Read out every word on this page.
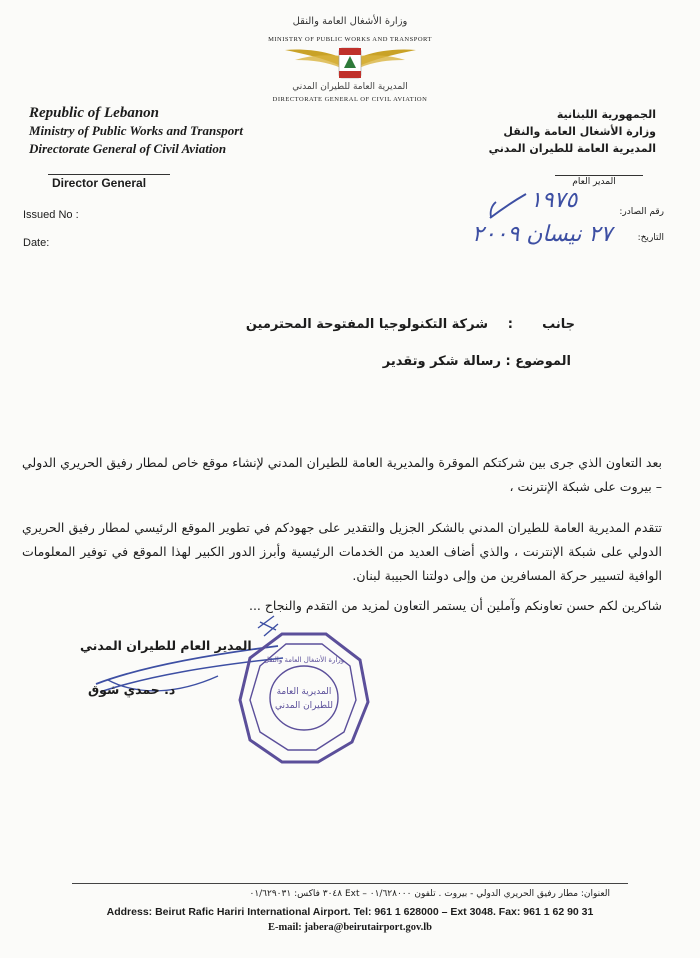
وزارة الأشغال العامة والنقل
MINISTRY OF PUBLIC WORKS AND TRANSPORT
المديرية العامة للطيران المدني
DIRECTORATE GENERAL OF CIVIL AVIATION
Republic of Lebanon
Ministry of Public Works and Transport
Directorate General of Civil Aviation
الجمهورية اللبنانية
وزارة الأشغال العامة والنقل
المديرية العامة للطيران المدني
Director General	المدير العام
Issued No :
Date:
رقم الصادر:
التاريخ:
١٩٧٥
٢٧ نيسان ٢٠٠٩
جانب
:
شركة التكنولوجيا المفتوحة المحترمين
الموضوع : رسالة شكر وتقدير
بعد التعاون الذي جرى بين شركتكم الموقرة والمديرية العامة للطيران المدني لإنشاء موقع خاص لمطار رفيق الحريري الدولي – بيروت على شبكة الإنترنت ،
تتقدم المديرية العامة للطيران المدني بالشكر الجزيل والتقدير على جهودكم في تطوير الموقع الرئيسي لمطار رفيق الحريري الدولي على شبكة الإنترنت ، والذي أضاف العديد من الخدمات الرئيسية وأبرز الدور الكبير لهذا الموقع في توفير المعلومات الوافية لتسيير حركة المسافرين من وإلى دولتنا الحبيبة لبنان.
شاكرين لكم حسن تعاونكم وآملين أن يستمر التعاون لمزيد من التقدم والنجاح ...
المدير العام للطيران المدني
د. حمدي شوق	المديرية العامة
للطيران المدني
وزارة الأشغال العامة والنقل
العنوان: مطار رفيق الحريري الدولي - بيروت . تلفون ٠١/٦٢٨٠٠٠ – Ext ٣٠٤٨ فاكس: ٠١/٦٢٩٠٣١
Address: Beirut Rafic Hariri International Airport. Tel: 961 1 628000 – Ext 3048. Fax: 961 1 62 90 31
E-mail: jabera@beirutairport.gov.lb
